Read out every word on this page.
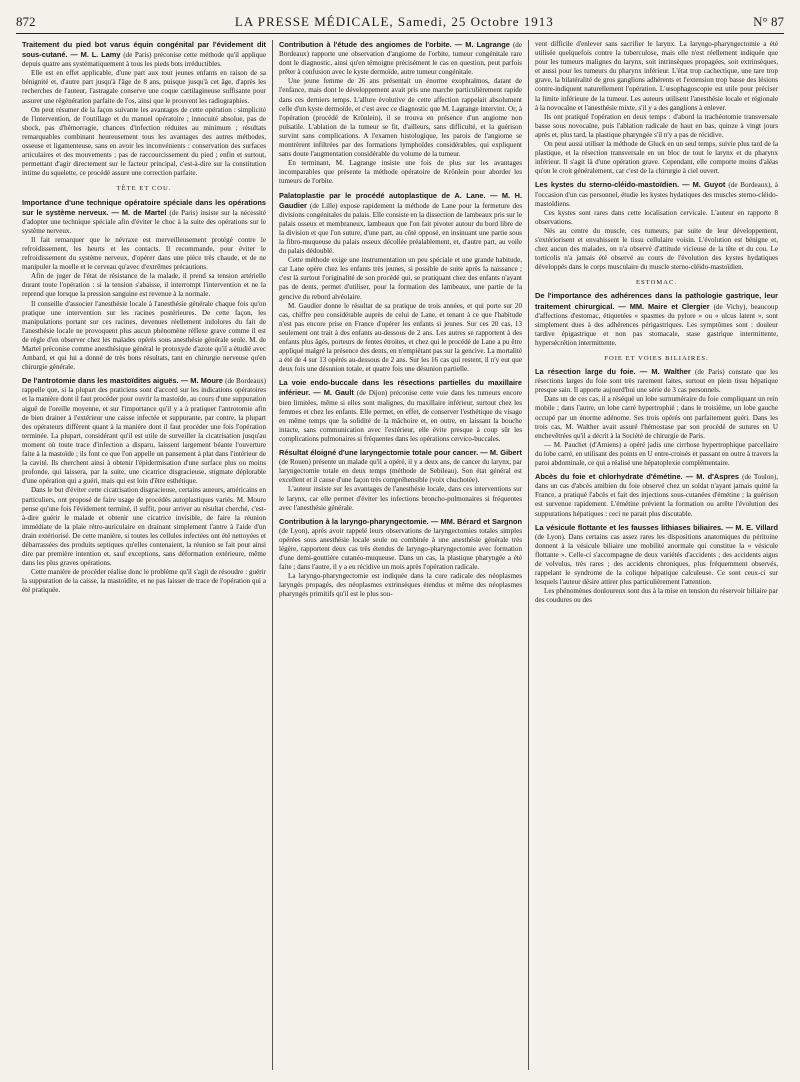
872	LA PRESSE MÉDICALE, Samedi, 25 Octobre 1913	N° 87

Traitement du pied bot varus équin congénital par l'évidement dit sous-cutané. — M. L. Lamy (de Paris) préconise cette méthode qu'il applique depuis quatre ans systématiquement à tous les pieds bots irréductibles.

Elle est en effet applicable, d'une part aux tout jeunes enfants en raison de sa bénignité et, d'autre part jusqu'à l'âge de 8 ans, puisque jusqu'à cet âge, d'après les recherches de l'auteur, l'astragale conserve une coque cartilagineuse suffisante pour assurer une régénération parfaite de l'os, ainsi que le prouvent les radiographies.

On peut résumer de la façon suivante les avantages de cette opération : simplicité de l'intervention, de l'outillage et du manuel opératoire ; innocuité absolue, pas de shock, pas d'hémorragie, chances d'infection réduites au minimum ; résultats remarquables combinant heureusement tous les avantages des autres méthodes, osseuse et ligamenteuse, sans en avoir les inconvénients : conservation des surfaces articulaires et des mouvements ; pas de raccourcissement du pied ; enfin et surtout, permettant d'agir directement sur le facteur principal, c'est-à-dire sur la constitution intime du squelette, ce procédé assure une correction parfaite.

TÊTE ET COU.

Importance d'une technique opératoire spéciale dans les opérations sur le système nerveux. — M. de Martel (de Paris) insiste sur la nécessité d'adopter une technique spéciale afin d'éviter le choc à la suite des opérations sur le système nerveux.

Il fait remarquer que le névraxe est merveilleusement protégé contre le refroidissement, les heurts et les contacts. Il recommande, pour éviter le refroidissement du système nerveux, d'opérer dans une pièce très chaude, et de ne manipuler la moelle et le cerveau qu'avec d'extrêmes précautions.

Afin de juger de l'état de résistance de la malade, il prend sa tension artérielle durant toute l'opération : si la tension s'abaisse, il interrompt l'intervention et ne la reprend que lorsque la pression sanguine est revenue à la normale.

Il conseille d'associer l'anesthésie locale à l'anesthésie générale chaque fois qu'on pratique une intervention sur les racines postérieures. De cette façon, les manipulations portant sur ces racines, devenues réellement indolores du fait de l'anesthésie locale ne provoquent plus aucun phénomène réflexe grave comme il est de règle d'en observer chez les malades opérés sous anesthésie générale seule. M. de Martel préconise comme anesthésique général le protoxyde d'azote qu'il a étudié avec Ambard, et qui lui a donné de très bons résultats, tant en chirurgie nerveuse qu'en chirurgie générale.

De l'antrotomie dans les mastoïdites aiguës. — M. Moure (de Bordeaux) rappelle que, si la plupart des praticiens sont d'accord sur les indications opératoires et la manière dont il faut procéder pour ouvrir la mastoïde, au cours d'une suppuration aiguë de l'oreille moyenne, et sur l'importance qu'il y a à pratiquer l'antrotomie afin de bien drainer à l'extérieur une caisse infectée et suppurante, par contre, la plupart des opérateurs diffèrent quant à la manière dont il faut procéder une fois l'opération terminée. La plupart, considérant qu'il est utile de surveiller la cicatrisation jusqu'au moment où toute trace d'infection a disparu, laissent largement béante l'ouverture faite à la mastoïde ; ils font ce que l'on appelle un pansement à plat dans l'intérieur de la cavité. Ils cherchent ainsi à obtenir l'épidermisation d'une surface plus ou moins profonde, qui laissera, par la suite, une cicatrice disgracieuse, stigmate déplorable d'une opération qui a guéri, mais qui est loin d'être esthétique.

Dans le but d'éviter cette cicatrisation disgracieuse, certains auteurs, américains en particuliers, ont proposé de faire usage de procédés autoplastiques variés. M. Moure pense qu'une fois l'évidement terminé, il suffit, pour arriver au résultat cherché, c'est-à-dire guérir le malade et obtenir une cicatrice invisible, de faire la réunion immédiate de la plaie rétro-auriculaire en drainant simplement l'antre à l'aide d'un drain extériorisé. De cette manière, si toutes les cellules infectées ont été nettoyées et débarrassées des produits septiques qu'elles contenaient, la réunion se fait pour ainsi dire par première intention et, sauf exceptions, sans déformation extérieure, même dans les plus graves opérations.

Cette manière de procéder réalise donc le problème qu'il s'agit de résoudre : guérir la suppuration de la caisse, la mastoïdite, et ne pas laisser de trace de l'opération qui a été pratiquée.

Contribution à l'étude des angiomes de l'orbite. — M. Lagrange (de Bordeaux) rapporte une observation d'angiome de l'orbite, tumeur congénitale rare dont le diagnostic, ainsi qu'en témoigne précisément le cas en question, peut parfois prêter à confusion avec le kyste dermoïde, autre tumeur congénitale.

Une jeune femme de 26 ans présentait un énorme exophtalmos, datant de l'enfance, mais dont le développement avait pris une marche particulièrement rapide dans ces derniers temps. L'allure évolutive de cette affection rappelait absolument celle d'un kyste dermoïde, et c'est avec ce diagnostic que M. Lagrange intervint. Or, à l'opération (procédé de Krönlein), il se trouva en présence d'un angiome non pulsatile. L'ablation de la tumeur se fit, d'ailleurs, sans difficulté, et la guérison survint sans complications. A l'examen histologique, les parois de l'angiome se montrèrent infiltrées par des formations lymphoïdes considérables, qui expliquent sans doute l'augmentation considérable du volume de la tumeur.

En terminant, M. Lagrange insiste une fois de plus sur les avantages incomparables que présente la méthode opératoire de Krönlein pour aborder les tumeurs de l'orbite.

Palatoplastie par le procédé autoplastique de A. Lane. — M. H. Gaudier (de Lille) expose rapidement la méthode de Lane pour la fermeture des divisions congénitales du palais. Elle consiste en la dissection de lambeaux pris sur le palais osseux et membraneux, lambeaux que l'on fait pivoter autour du bord libre de la division et que l'on suture, d'une part, au côté opposé, en insinuant une partie sous la fibro-muqueuse du palais osseux décollée préalablement, et, d'autre part, au voile du palais dédoublé.

Cette méthode exige une instrumentation un peu spéciale et une grande habitude, car Lane opère chez les enfants très jeunes, si possible de suite après la naissance ; c'est là surtout l'originalité de son procédé qui, se pratiquant chez des enfants n'ayant pas de dents, permet d'utiliser, pour la formation des lambeaux, une partie de la gencive du rebord alvéolaire.

M. Gaudier donne le résultat de sa pratique de trois années, et qui porte sur 20 cas, chiffre peu considérable auprès de celui de Lane, et tenant à ce que l'habitude n'est pas encore prise en France d'opérer les enfants si jeunes. Sur ces 20 cas, 13 seulement ont trait à des enfants au-dessous de 2 ans. Les autres se rapportent à des enfants plus âgés, porteurs de fentes étroites, et chez qui le procédé de Lane a pu être appliqué malgré la présence des dents, en n'empiétant pas sur la gencive. La mortalité a été de 4 sur 13 opérés au-dessous de 2 ans. Sur les 16 cas qui restent, il n'y eut que deux fois une désunion totale, et quatre fois une désunion partielle.

La voie endo-buccale dans les résections partielles du maxillaire inférieur. — M. Gault (de Dijon) préconise cette voie dans les tumeurs encore bien limitées, même si elles sont malignes, du maxillaire inférieur, surtout chez les femmes et chez les enfants. Elle permet, en effet, de conserver l'esthétique du visage en même temps que la solidité de la mâchoire et, en outre, en laissant la bouche intacte, sans communication avec l'extérieur, elle évite presque à coup sûr les complications pulmonaires si fréquentes dans les opérations cervico-buccales.

Résultat éloigné d'une laryngectomie totale pour cancer. — M. Gibert (de Rouen) présente un malade qu'il a opéré, il y a deux ans, de cancer du larynx, par laryngectomie totale en deux temps (méthode de Sebileau). Son état général est excellent et il cause d'une façon très compréhensible (voix chuchotée).

L'auteur insiste sur les avantages de l'anesthésie locale, dans ces interventions sur le larynx, car elle permet d'éviter les infections broncho-pulmonaires si fréquentes avec l'anesthésie générale.

Contribution à la laryngo-pharyngectomie. — MM. Bérard et Sargnon (de Lyon), après avoir rappelé leurs observations de laryngectomies totales simples opérées sous anesthésie locale seule ou combinée à une anesthésie générale très légère, rapportent deux cas très étendus de laryngo-pharyngectomie avec formation d'une demi-gouttière cutanéo-muqueuse. Dans un cas, la plastique pharyngée a été faite ; dans l'autre, il y a eu récidive un mois après l'opération radicale.

La laryngo-pharyngectomie est indiquée dans la cure radicale des néoplasmes laryngés propagés, des néoplasmes extrinsèques étendus et même des néoplasmes pharyngés primitifs qu'il est le plus sou-

vent difficile d'enlever sans sacrifier le larynx. La laryngo-pharyngectomie a été utilisée quelquefois contre la tuberculose, mais elle n'est réellement indiquée que pour les tumeurs malignes du larynx, soit intrinsèques propagées, soit extrinsèques, et aussi pour les tumeurs du pharynx inférieur. L'état trop cachectique, une tare trop grave, la bilatéralité de gros ganglions adhérents et l'extension trop basse des lésions contre-indiquent naturellement l'opération. L'œsophagoscopie est utile pour préciser la limite inférieure de la tumeur. Les auteurs utilisent l'anesthésie locale et régionale à la novocaïne et l'anesthésie mixte, s'il y a des ganglions à enlever.

Ils ont pratiqué l'opération en deux temps : d'abord la trachéotomie transversale basse sous novocaïne, puis l'ablation radicale de haut en bas, quinze à vingt jours après et, plus tard, la plastique pharyngée s'il n'y a pas de récidive.

On peut aussi utiliser la méthode de Gluck en un seul temps, suivie plus tard de la plastique, et la résection transversale en un bloc de tout le larynx et du pharynx inférieur. Il s'agit là d'une opération grave. Cependant, elle comporte moins d'aléas qu'on le croit généralement, car c'est de la chirurgie à ciel ouvert.

Les kystes du sterno-cléido-mastoïdien. — M. Guyot (de Bordeaux), à l'occasion d'un cas personnel, étudie les kystes hydatiques des muscles sterno-cléido-mastoïdiens.

Ces kystes sont rares dans cette localisation cervicale. L'auteur en rapporte 8 observations.

Nés au centre du muscle, ces tumeurs, par suite de leur développement, s'extériorisent et envahissent le tissu cellulaire voisin. L'évolution est bénigne et, chez aucun des malades, on n'a observé d'attitude vicieuse de la tête et du cou. Le torticolis n'a jamais été observé au cours de l'évolution des kystes hydatiques développés dans le corps musculaire du muscle sterno-cléido-mastoïdien.

ESTOMAC.

De l'importance des adhérences dans la pathologie gastrique, leur traitement chirurgical. — MM. Maire et Clergier (de Vichy), beaucoup d'affections d'estomac, étiquetées « spasmes du pylore » ou « ulcus latent », sont simplement dues à des adhérences périgastriques. Les symptômes sont : douleur tardive épigastrique et non pas stomacale, stase gastrique intermittente, hypersécrétion intermittente.

FOIE ET VOIES BILIAIRES.

La résection large du foie. — M. Walther (de Paris) constate que les résections larges du foie sont très rarement faites, surtout en plein tissu hépatique presque sain. Il apporte aujourd'hui une série de 3 cas personnels.

Dans un de ces cas, il a réséqué un lobe surnuméraire du foie compliquant un rein mobile ; dans l'autre, un lobe carré hypertrophié ; dans le troisième, un lobe gauche occupé par un énorme adénome. Ses trois opérés ont parfaitement guéri. Dans les trois cas, M. Walther avait assuré l'hémostase par son procédé de sutures en U enchevêtrées qu'il a décrit à la Société de chirurgie de Paris.

— M. Pauchet (d'Amiens) a opéré jadis une cirrhose hypertrophique parcellaire du lobe carré, en utilisant des points en U entre-croisés et passant en outre à travers la paroi abdominale, ce qui a réalisé une hépatoplexie complémentaire.

Abcès du foie et chlorhydrate d'émétine. — M. d'Aspres (de Toulon), dans un cas d'abcès amibien du foie observé chez un soldat n'ayant jamais quitté la France, a pratiqué l'abcès et fait des injections sous-cutanées d'émétine ; la guérison est survenue rapidement. L'émétine prévient la formation ou arrête l'évolution des suppurations hépatiques : ceci ne parait plus discutable.

La vésicule flottante et les fausses lithiases biliaires. — M. E. Villard (de Lyon). Dans certains cas assez rares les dispositions anatomiques du péritoine donnent à la vésicule biliaire une mobilité anormale qui constitue la « vésicule flottante ». Celle-ci s'accompagne de deux variétés d'accidents ; des accidents aigus de volvulus, très rares ; des accidents chroniques, plus fréquemment observés, rappelant le syndrome de la colique hépatique calculeuse. Ce sont ceux-ci sur lesquels l'auteur désire attirer plus particulièrement l'attention.

Les phénomènes douloureux sont dus à la mise en tension du réservoir biliaire par des coudures ou des
